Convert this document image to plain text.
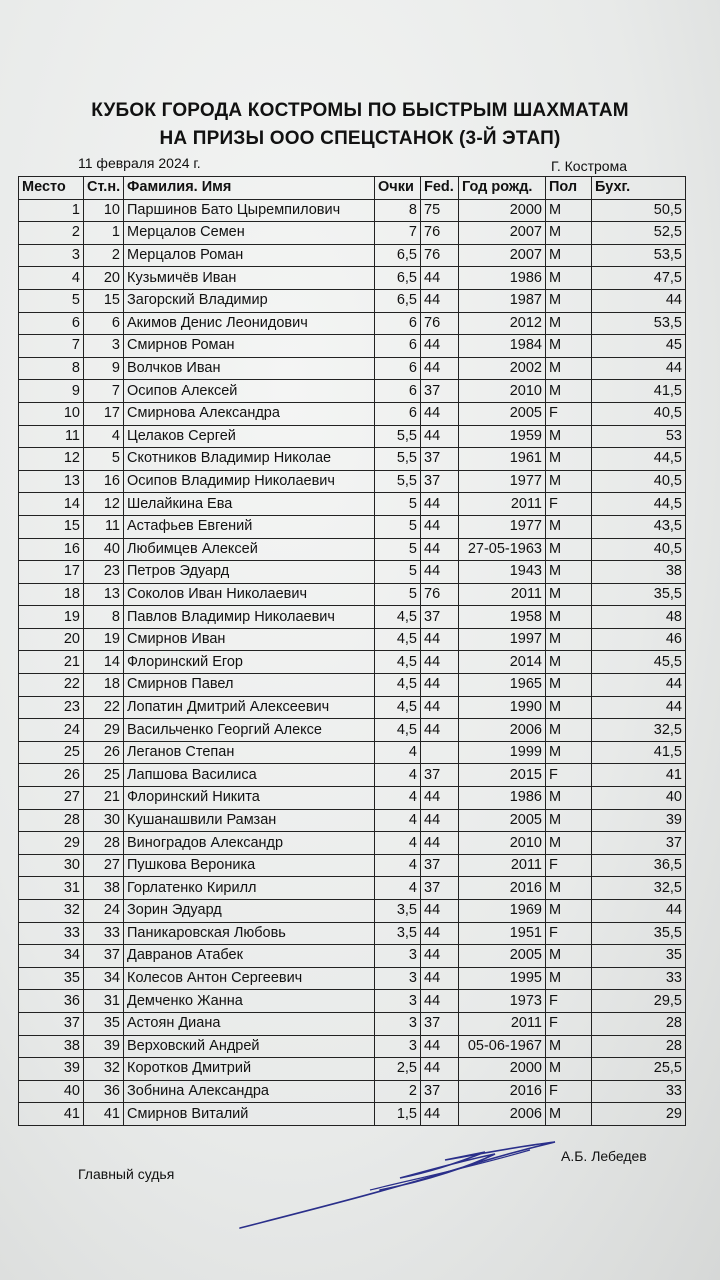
КУБОК ГОРОДА КОСТРОМЫ ПО БЫСТРЫМ ШАХМАТАМ
НА ПРИЗЫ ООО СПЕЦСТАНОК (3-Й ЭТАП)
11 февраля 2024 г.	Г. Кострома
Место	Ст.н.	Фамилия. Имя	Очки	Fed.	Год рожд.	Пол	Бухг.
1	10	Паршинов Бато Цыремпилович	8	75	2000	M	50,5
2	1	Мерцалов Семен	7	76	2007	M	52,5
3	2	Мерцалов Роман	6,5	76	2007	M	53,5
4	20	Кузьмичёв Иван	6,5	44	1986	M	47,5
5	15	Загорский Владимир	6,5	44	1987	M	44
6	6	Акимов Денис Леонидович	6	76	2012	M	53,5
7	3	Смирнов Роман	6	44	1984	M	45
8	9	Волчков Иван	6	44	2002	M	44
9	7	Осипов Алексей	6	37	2010	M	41,5
10	17	Смирнова Александра	6	44	2005	F	40,5
11	4	Целаков Сергей	5,5	44	1959	M	53
12	5	Скотников Владимир Николае	5,5	37	1961	M	44,5
13	16	Осипов Владимир Николаевич	5,5	37	1977	M	40,5
14	12	Шелайкина Ева	5	44	2011	F	44,5
15	11	Астафьев Евгений	5	44	1977	M	43,5
16	40	Любимцев Алексей	5	44	27-05-1963	M	40,5
17	23	Петров Эдуард	5	44	1943	M	38
18	13	Соколов Иван Николаевич	5	76	2011	M	35,5
19	8	Павлов Владимир Николаевич	4,5	37	1958	M	48
20	19	Смирнов Иван	4,5	44	1997	M	46
21	14	Флоринский Егор	4,5	44	2014	M	45,5
22	18	Смирнов Павел	4,5	44	1965	M	44
23	22	Лопатин Дмитрий Алексеевич	4,5	44	1990	M	44
24	29	Васильченко Георгий Алексе	4,5	44	2006	M	32,5
25	26	Леганов Степан	4		1999	M	41,5
26	25	Лапшова Василиса	4	37	2015	F	41
27	21	Флоринский Никита	4	44	1986	M	40
28	30	Кушанашвили Рамзан	4	44	2005	M	39
29	28	Виноградов Александр	4	44	2010	M	37
30	27	Пушкова Вероника	4	37	2011	F	36,5
31	38	Горлатенко Кирилл	4	37	2016	M	32,5
32	24	Зорин Эдуард	3,5	44	1969	M	44
33	33	Паникаровская Любовь	3,5	44	1951	F	35,5
34	37	Давранов Атабек	3	44	2005	M	35
35	34	Колесов Антон Сергеевич	3	44	1995	M	33
36	31	Демченко Жанна	3	44	1973	F	29,5
37	35	Астоян Диана	3	37	2011	F	28
38	39	Верховский Андрей	3	44	05-06-1967	M	28
39	32	Коротков Дмитрий	2,5	44	2000	M	25,5
40	36	Зобнина Александра	2	37	2016	F	33
41	41	Смирнов Виталий	1,5	44	2006	M	29
Главный судья
А.Б. Лебедев
